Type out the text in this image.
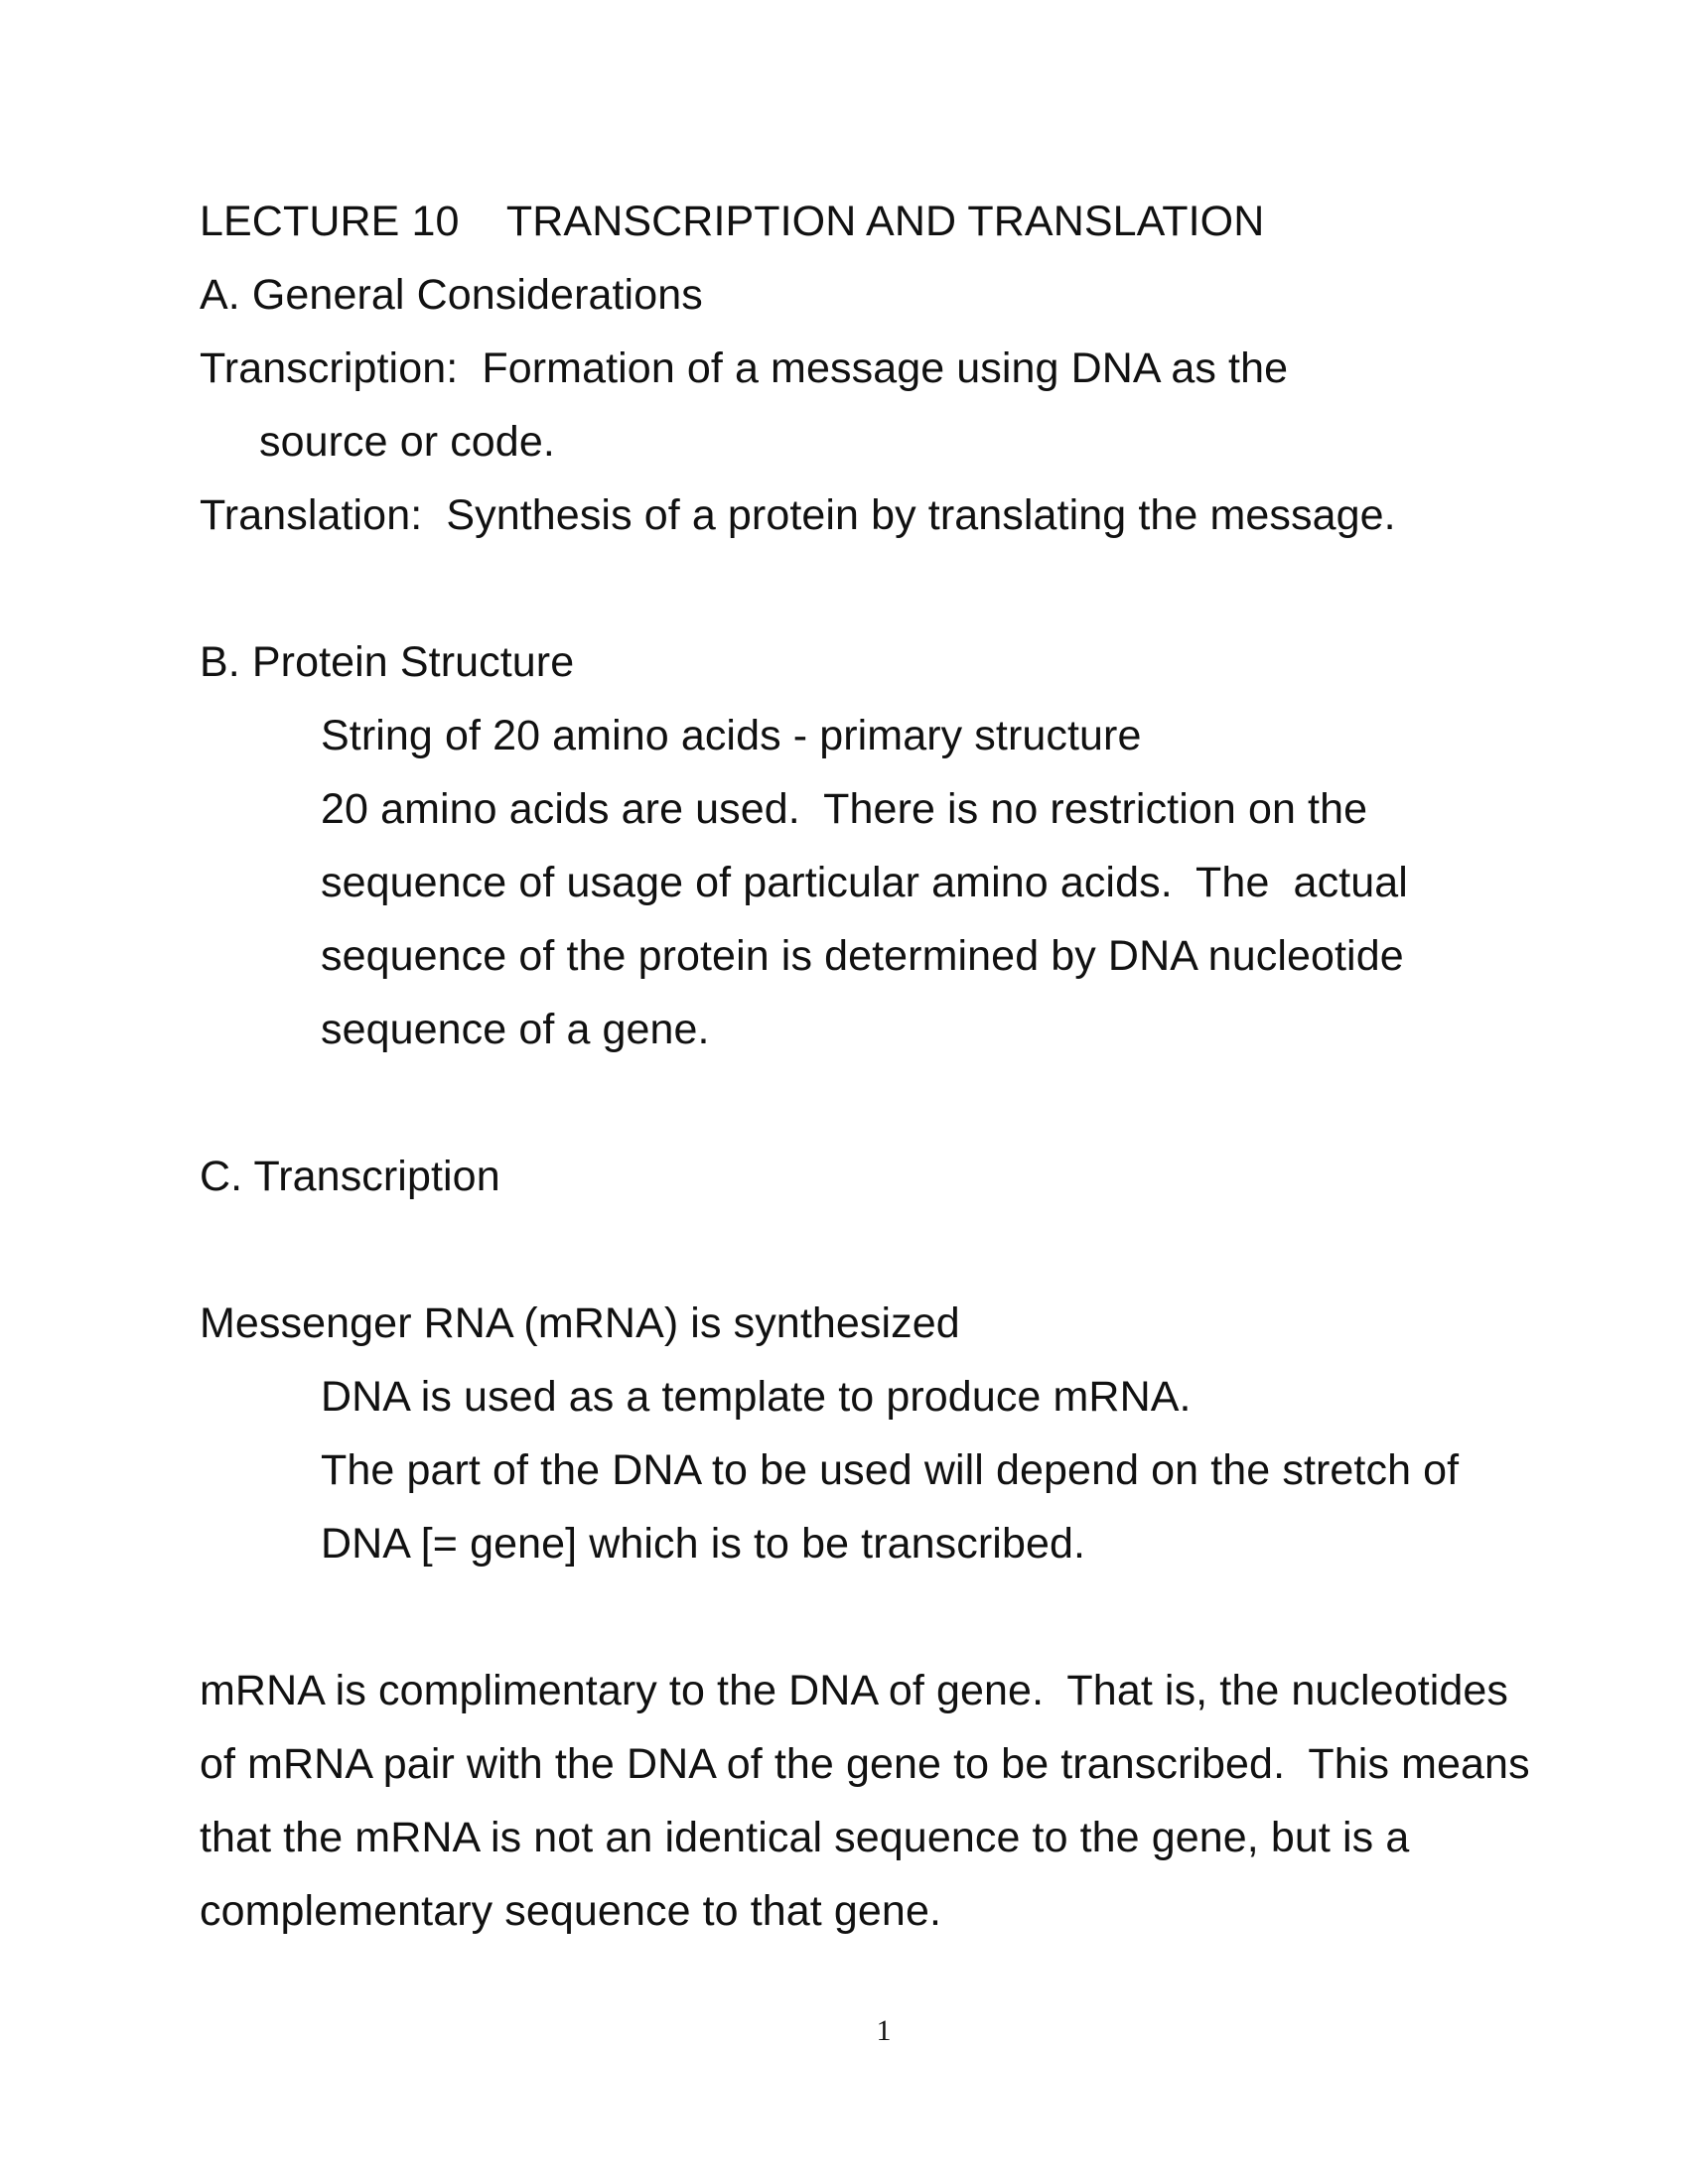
LECTURE 10 TRANSCRIPTION AND TRANSLATION

A. General Considerations

Transcription:  Formation of a message using DNA as the

source or code.

Translation:  Synthesis of a protein by translating the message.

B. Protein Structure

String of 20 amino acids - primary structure

20 amino acids are used.  There is no restriction on the

sequence of usage of particular amino acids.  The  actual

sequence of the protein is determined by DNA nucleotide

sequence of a gene.

C. Transcription

Messenger RNA (mRNA) is synthesized

DNA is used as a template to produce mRNA.

The part of the DNA to be used will depend on the stretch of

DNA [= gene] which is to be transcribed.

mRNA is complimentary to the DNA of gene.  That is, the nucleotides

of mRNA pair with the DNA of the gene to be transcribed.  This means

that the mRNA is not an identical sequence to the gene, but is a

complementary sequence to that gene.

1
